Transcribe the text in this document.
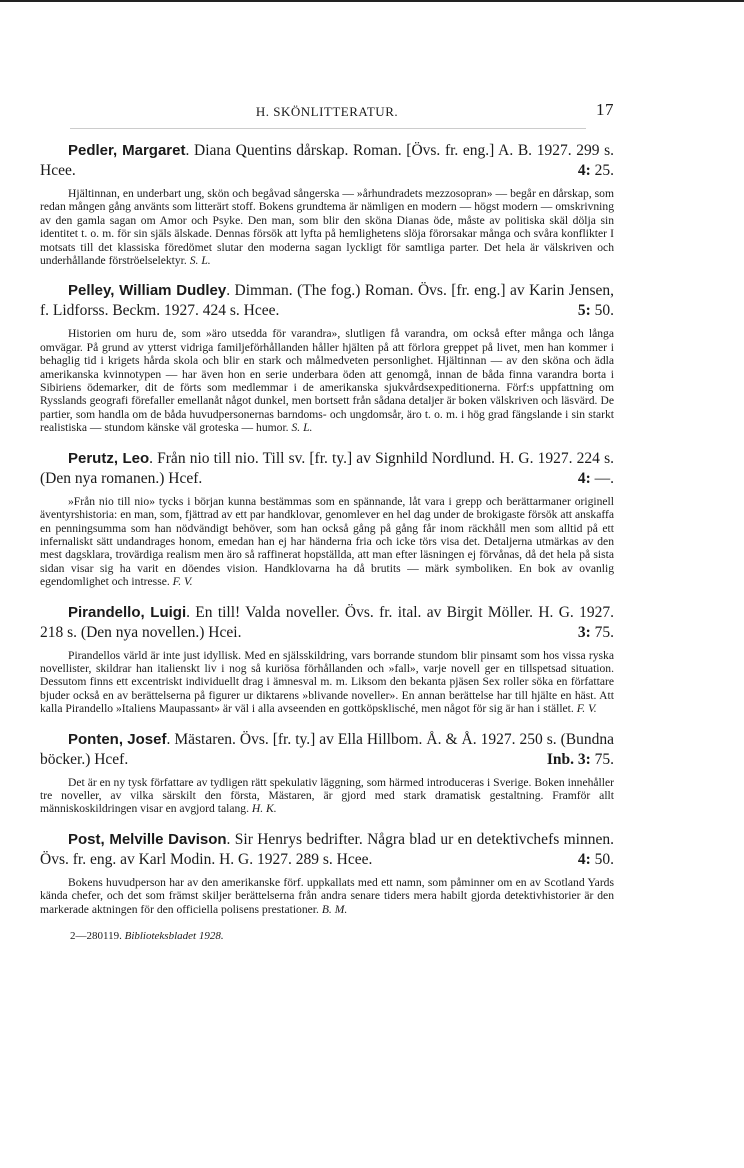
H. SKÖNLITTERATUR.	17

Pedler, Margaret. Diana Quentins dårskap. Roman. [Övs. fr. eng.] A. B. 1927. 299 s. Hcee.	4: 25.

Hjältinnan, en underbart ung, skön och begåvad sångerska — »århundradets mezzosopran» — begår en dårskap, som redan mången gång använts som litterärt stoff. Bokens grundtema är nämligen en modern — högst modern — omskrivning av den gamla sagan om Amor och Psyke. Den man, som blir den sköna Dianas öde, måste av politiska skäl dölja sin identitet t. o. m. för sin själs älskade. Dennas försök att lyfta på hemlighetens slöja förorsakar många och svåra konflikter I motsats till det klassiska föredömet slutar den moderna sagan lyckligt för samtliga parter. Det hela är välskriven och underhållande förströelselektyr. S. L.

Pelley, William Dudley. Dimman. (The fog.) Roman. Övs. [fr. eng.] av Karin Jensen, f. Lidforss. Beckm. 1927. 424 s. Hcee.	5: 50.

Historien om huru de, som »äro utsedda för varandra», slutligen få varandra, om också efter många och långa omvägar. På grund av ytterst vidriga familjeförhållanden håller hjälten på att förlora greppet på livet, men han kommer i behaglig tid i krigets hårda skola och blir en stark och målmedveten personlighet. Hjältinnan — av den sköna och ädla amerikanska kvinnotypen — har även hon en serie underbara öden att genomgå, innan de båda finna varandra borta i Sibiriens ödemarker, dit de förts som medlemmar i de amerikanska sjukvårdsexpeditionerna. Förf:s uppfattning om Rysslands geografi förefaller emellanåt något dunkel, men bortsett från sådana detaljer är boken välskriven och läsvärd. De partier, som handla om de båda huvudpersonernas barndoms- och ungdomsår, äro t. o. m. i hög grad fängslande i sin starkt realistiska — stundom känske väl groteska — humor. S. L.

Perutz, Leo. Från nio till nio. Till sv. [fr. ty.] av Signhild Nordlund. H. G. 1927. 224 s. (Den nya romanen.) Hcef.	4: —.

»Från nio till nio» tycks i början kunna bestämmas som en spännande, låt vara i grepp och berättarmaner originell äventyrshistoria: en man, som, fjättrad av ett par handklovar, genomlever en hel dag under de brokigaste försök att anskaffa en penningsumma som han nödvändigt behöver, som han också gång på gång får inom räckhåll men som alltid på ett infernaliskt sätt undandrages honom, emedan han ej har händerna fria och icke törs visa det. Detaljerna utmärkas av den mest dagsklara, trovärdiga realism men äro så raffinerat hopställda, att man efter läsningen ej förvånas, då det hela på sista sidan visar sig ha varit en döendes vision. Handklovarna ha då brutits — märk symboliken. En bok av ovanlig egendomlighet och intresse. F. V.

Pirandello, Luigi. En till! Valda noveller. Övs. fr. ital. av Birgit Möller. H. G. 1927. 218 s. (Den nya novellen.) Hcei.	3: 75.

Pirandellos värld är inte just idyllisk. Med en själsskildring, vars borrande stundom blir pinsamt som hos vissa ryska novellister, skildrar han italienskt liv i nog så kuriösa förhållanden och »fall», varje novell ger en tillspetsad situation. Dessutom finns ett excentriskt individuellt drag i ämnesval m. m. Liksom den bekanta pjäsen Sex roller söka en författare bjuder också en av berättelserna på figurer ur diktarens »blivande noveller». En annan berättelse har till hjälte en häst. Att kalla Pirandello »Italiens Maupassant» är väl i alla avseenden en gottköpsklisché, men något för sig är han i stället. F. V.

Ponten, Josef. Mästaren. Övs. [fr. ty.] av Ella Hillbom. Å. & Å. 1927. 250 s. (Bundna böcker.) Hcef.	Inb. 3: 75.

Det är en ny tysk författare av tydligen rätt spekulativ läggning, som härmed introduceras i Sverige. Boken innehåller tre noveller, av vilka särskilt den första, Mästaren, är gjord med stark dramatisk gestaltning. Framför allt människoskildringen visar en avgjord talang. H. K.

Post, Melville Davison. Sir Henrys bedrifter. Några blad ur en detektivchefs minnen. Övs. fr. eng. av Karl Modin. H. G. 1927. 289 s. Hcee.	4: 50.

Bokens huvudperson har av den amerikanske förf. uppkallats med ett namn, som påminner om en av Scotland Yards kända chefer, och det som främst skiljer berättelserna från andra senare tiders mera habilt gjorda detektivhistorier är den markerade aktningen för den officiella polisens prestationer. B. M.

2—280119. Biblioteksbladet 1928.
